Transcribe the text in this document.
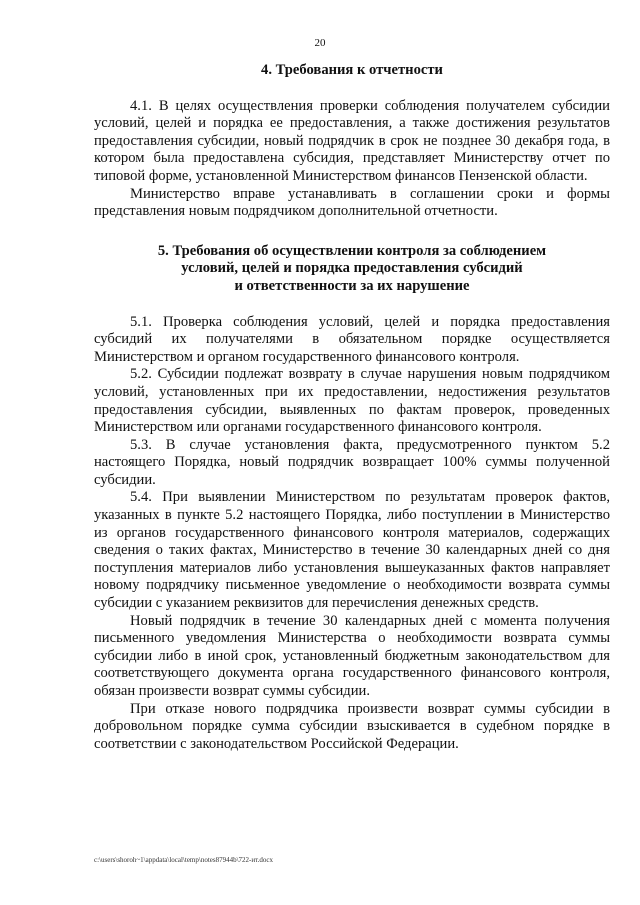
20

4. Требования к отчетности

4.1. В целях осуществления проверки соблюдения получателем субсидии условий, целей и порядка ее предоставления, а также достижения результатов предоставления субсидии, новый подрядчик в срок не позднее 30 декабря года, в котором была предоставлена субсидия, представляет Министерству отчет по типовой форме, установленной Министерством финансов Пензенской области.

Министерство вправе устанавливать в соглашении сроки и формы представления новым подрядчиком дополнительной отчетности.

5. Требования об осуществлении контроля за соблюдением
условий, целей и порядка предоставления субсидий
и ответственности за их нарушение

5.1. Проверка соблюдения условий, целей и порядка предоставления субсидий их получателями в обязательном порядке осуществляется Министерством и органом государственного финансового контроля.

5.2. Субсидии подлежат возврату в случае нарушения новым подрядчиком условий, установленных при их предоставлении, недостижения результатов предоставления субсидии, выявленных по фактам проверок, проведенных Министерством или органами государственного финансового контроля.

5.3. В случае установления факта, предусмотренного пунктом 5.2 настоящего Порядка, новый подрядчик возвращает 100% суммы полученной субсидии.

5.4. При выявлении Министерством по результатам проверок фактов, указанных в пункте 5.2 настоящего Порядка, либо поступлении в Министерство из органов государственного финансового контроля материалов, содержащих сведения о таких фактах, Министерство в течение 30 календарных дней со дня поступления материалов либо установления вышеуказанных фактов направляет новому подрядчику письменное уведомление о необходимости возврата суммы субсидии с указанием реквизитов для перечисления денежных средств.

Новый подрядчик в течение 30 календарных дней с момента получения письменного уведомления Министерства о необходимости возврата суммы субсидии либо в иной срок, установленный бюджетным законодательством для соответствующего документа органа государственного финансового контроля, обязан произвести возврат суммы субсидии.

При отказе нового подрядчика произвести возврат суммы субсидии в добровольном порядке сумма субсидии взыскивается в судебном порядке в соответствии с законодательством Российской Федерации.

c:\users\shoroh~1\appdata\local\temp\notes87944b\722-ит.docx
